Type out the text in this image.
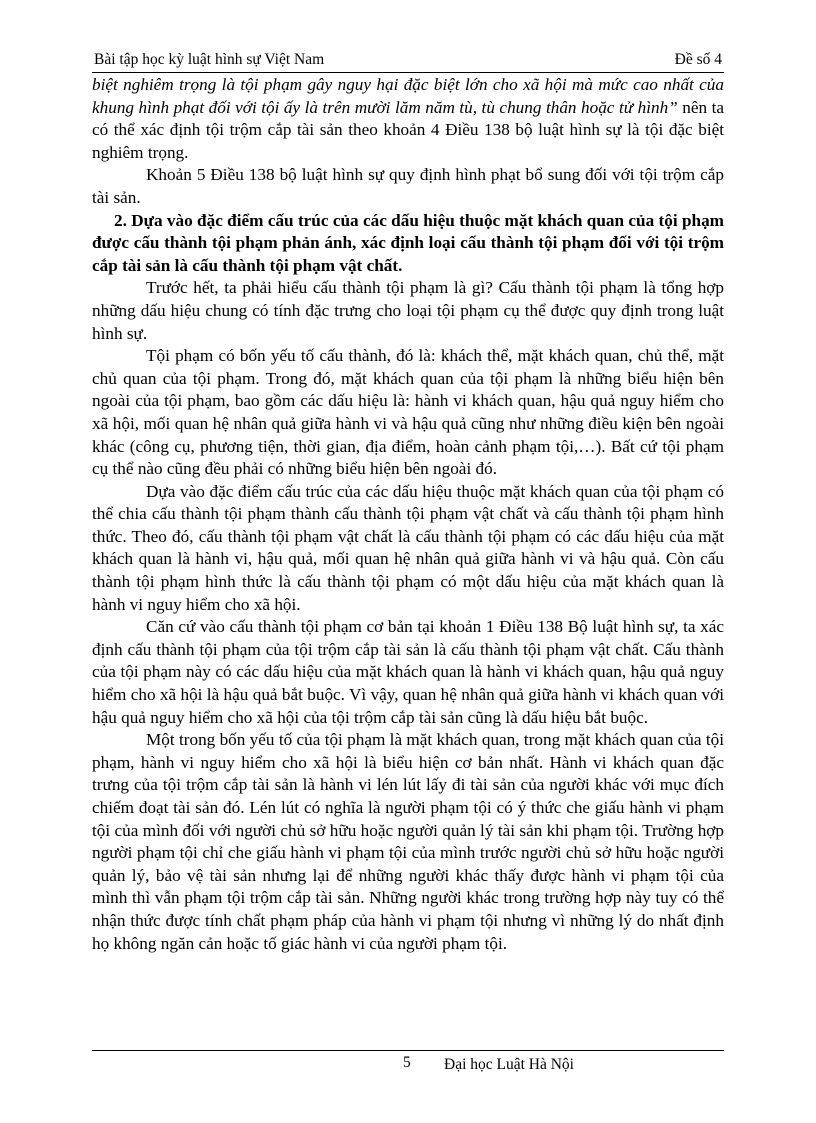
Bài tập học kỳ luật hình sự Việt Nam	Đề số 4

biệt nghiêm trọng là tội phạm gây nguy hại đặc biệt lớn cho xã hội mà mức cao nhất của khung hình phạt đối với tội ấy là trên mười lăm năm tù, tù chung thân hoặc tử hình” nên ta có thể xác định tội trộm cắp tài sản theo khoản 4 Điều 138 bộ luật hình sự là tội đặc biệt nghiêm trọng.

Khoản 5 Điều 138 bộ luật hình sự quy định hình phạt bổ sung đối với tội trộm cắp tài sản.

2. Dựa vào đặc điểm cấu trúc của các dấu hiệu thuộc mặt khách quan của tội phạm được cấu thành tội phạm phản ánh, xác định loại cấu thành tội phạm đối với tội trộm cắp tài sản là cấu thành tội phạm vật chất.

Trước hết, ta phải hiểu cấu thành tội phạm là gì? Cấu thành tội phạm là tổng hợp những dấu hiệu chung có tính đặc trưng cho loại tội phạm cụ thể được quy định trong luật hình sự.

Tội phạm có bốn yếu tố cấu thành, đó là: khách thể, mặt khách quan, chủ thể, mặt chủ quan của tội phạm. Trong đó, mặt khách quan của tội phạm là những biểu hiện bên ngoài của tội phạm, bao gồm các dấu hiệu là: hành vi khách quan, hậu quả nguy hiểm cho xã hội, mối quan hệ nhân quả giữa hành vi và hậu quả cũng như những điều kiện bên ngoài khác (công cụ, phương tiện, thời gian, địa điểm, hoàn cảnh phạm tội,…). Bất cứ tội phạm cụ thể nào cũng đều phải có những biểu hiện bên ngoài đó.

Dựa vào đặc điểm cấu trúc của các dấu hiệu thuộc mặt khách quan của tội phạm có thể chia cấu thành tội phạm thành cấu thành tội phạm vật chất và cấu thành tội phạm hình thức. Theo đó, cấu thành tội phạm vật chất là cấu thành tội phạm có các dấu hiệu của mặt khách quan là hành vi, hậu quả, mối quan hệ nhân quả giữa hành vi và hậu quả. Còn cấu thành tội phạm hình thức là cấu thành tội phạm có một dấu hiệu của mặt khách quan là hành vi nguy hiểm cho xã hội.

Căn cứ vào cấu thành tội phạm cơ bản tại khoản 1 Điều 138 Bộ luật hình sự, ta xác định cấu thành tội phạm của tội trộm cắp tài sản là cấu thành tội phạm vật chất. Cấu thành của tội phạm này có các dấu hiệu của mặt khách quan là hành vi khách quan, hậu quả nguy hiểm cho xã hội là hậu quả bắt buộc. Vì vậy, quan hệ nhân quả giữa hành vi khách quan với hậu quả nguy hiểm cho xã hội của tội trộm cắp tài sản cũng là dấu hiệu bắt buộc.

Một trong bốn yếu tố của tội phạm là mặt khách quan, trong mặt khách quan của tội phạm, hành vi nguy hiểm cho xã hội là biểu hiện cơ bản nhất. Hành vi khách quan đặc trưng của tội trộm cắp tài sản là hành vi lén lút lấy đi tài sản của người khác với mục đích chiếm đoạt tài sản đó. Lén lút có nghĩa là người phạm tội có ý thức che giấu hành vi phạm tội của mình đối với người chủ sở hữu hoặc người quản lý tài sản khi phạm tội. Trường hợp người phạm tội chỉ che giấu hành vi phạm tội của mình trước người chủ sở hữu hoặc người quản lý, bảo vệ tài sản nhưng lại để những người khác thấy được hành vi phạm tội của mình thì vẫn phạm tội trộm cắp tài sản. Những người khác trong trường hợp này tuy có thể nhận thức được tính chất phạm pháp của hành vi phạm tội nhưng vì những lý do nhất định họ không ngăn cản hoặc tố giác hành vi của người phạm tội.

5 Đại học Luật Hà Nội
